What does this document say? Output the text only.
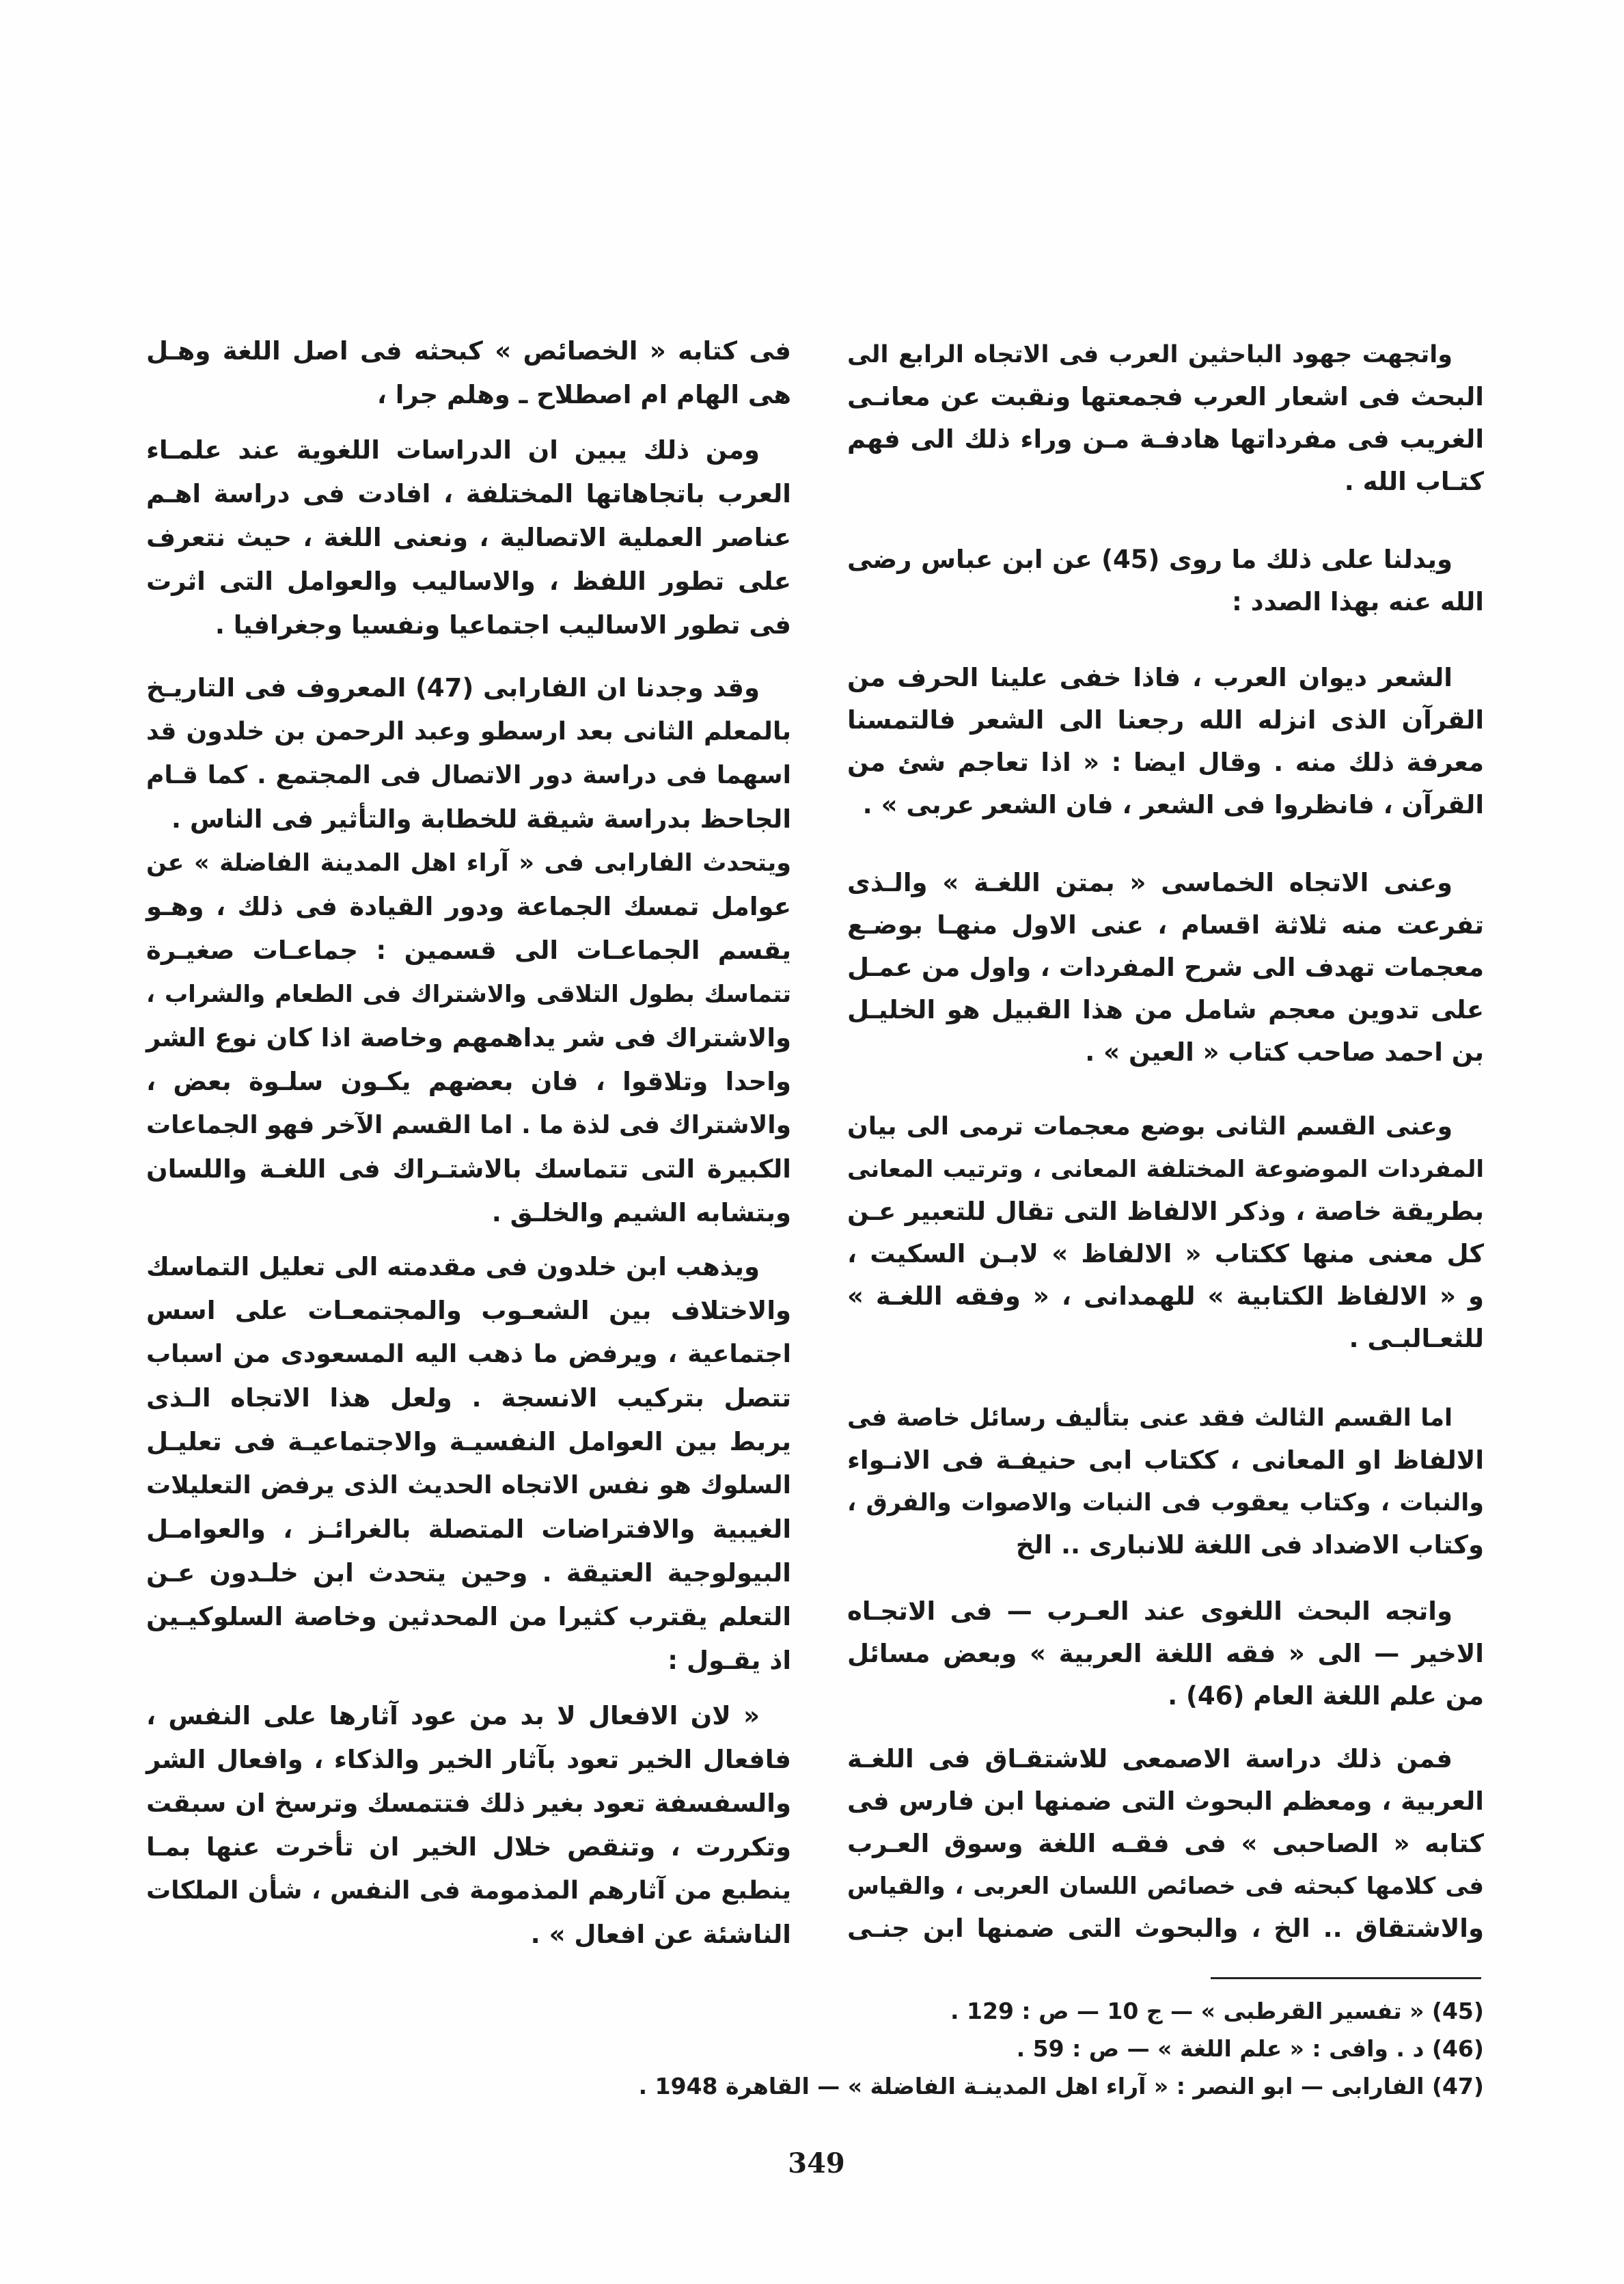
واتجهت جهود الباحثين العرب فى الاتجاه الرابع الى
البحث فى اشعار العرب فجمعتها ونقبت عن معانـى
الغريب فى مفرداتها هادفـة مـن وراء ذلك الى فهم
كتـاب الله .
ويدلنا على ذلك ما روى (45) عن ابن عباس رضى
الله عنه بهذا الصدد :
الشعر ديوان العرب ، فاذا خفى علينا الحرف من
القرآن الذى انزله الله رجعنا الى الشعر فالتمسنا
معرفة ذلك منه . وقال ايضا : « اذا تعاجم شئ من
القرآن ، فانظروا فى الشعر ، فان الشعر عربى » .
وعنى الاتجاه الخماسى « بمتن اللغـة » والـذى
تفرعت منه ثلاثة اقسام ، عنى الاول منهـا بوضـع
معجمات تهدف الى شرح المفردات ، واول من عمـل
على تدوين معجم شامل من هذا القبيل هو الخليـل
بن احمد صاحب كتاب « العين » .
وعنى القسم الثانى بوضع معجمات ترمى الى بيان
المفردات الموضوعة المختلفة المعانى ، وترتيب المعانى
بطريقة خاصة ، وذكر الالفاظ التى تقال للتعبير عـن
كل معنى منها ككتاب « الالفاظ » لابـن السكيت ،
و « الالفاظ الكتابية » للهمدانى ، « وفقه اللغـة »
للثعـالبـى .
اما القسم الثالث فقد عنى بتأليف رسائل خاصة فى
الالفاظ او المعانى ، ككتاب ابى حنيفـة فى الانـواء
والنبات ، وكتاب يعقوب فى النبات والاصوات والفرق ،
وكتاب الاضداد فى اللغة للانبارى .. الخ
واتجه البحث اللغوى عند العـرب — فى الاتجـاه
الاخير — الى « فقه اللغة العربية » وبعض مسائل
من علم اللغة العام (46) .
فمن ذلك دراسة الاصمعى للاشتقـاق فى اللغـة
العربية ، ومعظم البحوث التى ضمنها ابن فارس فى
كتابه « الصاحبى » فى فقـه اللغة وسوق العـرب
فى كلامها كبحثه فى خصائص اللسان العربى ، والقياس
والاشتقاق .. الخ ، والبحوث التى ضمنها ابن جنـى
فى كتابه « الخصائص » كبحثه فى اصل اللغة وهـل
هى الهام ام اصطلاح ـ وهلم جرا ،
ومن ذلك يبين ان الدراسات اللغوية عند علمـاء
العرب باتجاهاتها المختلفة ، افادت فى دراسة اهـم
عناصر العملية الاتصالية ، ونعنى اللغة ، حيث نتعرف
على تطور اللفظ ، والاساليب والعوامل التى اثرت
فى تطور الاساليب اجتماعيا ونفسيا وجغرافيا .
وقد وجدنا ان الفارابى (47) المعروف فى التاريـخ
بالمعلم الثانى بعد ارسطو وعبد الرحمن بن خلدون قد
اسهما فى دراسة دور الاتصال فى المجتمع . كما قـام
الجاحظ بدراسة شيقة للخطابة والتأثير فى الناس .
ويتحدث الفارابى فى « آراء اهل المدينة الفاضلة » عن
عوامل تمسك الجماعة ودور القيادة فى ذلك ، وهـو
يقسم الجماعـات الى قسمين : جماعـات صغيـرة
تتماسك بطول التلاقى والاشتراك فى الطعام والشراب ،
والاشتراك فى شر يداهمهم وخاصة اذا كان نوع الشر
واحدا وتلاقوا ، فان بعضهم يكـون سلـوة بعض ،
والاشتراك فى لذة ما . اما القسم الآخر فهو الجماعات
الكبيرة التى تتماسك بالاشتـراك فى اللغـة واللسان
وبتشابه الشيم والخلـق .
ويذهب ابن خلدون فى مقدمته الى تعليل التماسك
والاختلاف بين الشعـوب والمجتمعـات على اسس
اجتماعية ، ويرفض ما ذهب اليه المسعودى من اسباب
تتصل بتركيب الانسجة . ولعل هذا الاتجاه الـذى
يربط بين العوامل النفسيـة والاجتماعيـة فى تعليـل
السلوك هو نفس الاتجاه الحديث الذى يرفض التعليلات
الغيبية والافتراضات المتصلة بالغرائـز ، والعوامـل
البيولوجية العتيقة . وحين يتحدث ابن خلـدون عـن
التعلم يقترب كثيرا من المحدثين وخاصة السلوكيـين
اذ يقـول :
« لان الافعال لا بد من عود آثارها على النفس ،
فافعال الخير تعود بآثار الخير والذكاء ، وافعال الشر
والسفسفة تعود بغير ذلك فتتمسك وترسخ ان سبقت
وتكررت ، وتنقص خلال الخير ان تأخرت عنها بمـا
ينطبع من آثارهم المذمومة فى النفس ، شأن الملكات
الناشئة عن افعال » .
(45) « تفسير القرطبى » — ج 10 — ص : 129 .
(46) د . وافى : « علم اللغة » — ص : 59 .
(47) الفارابى — ابو النصر : « آراء اهل المدينـة الفاضلة » — القاهرة 1948 .
349
